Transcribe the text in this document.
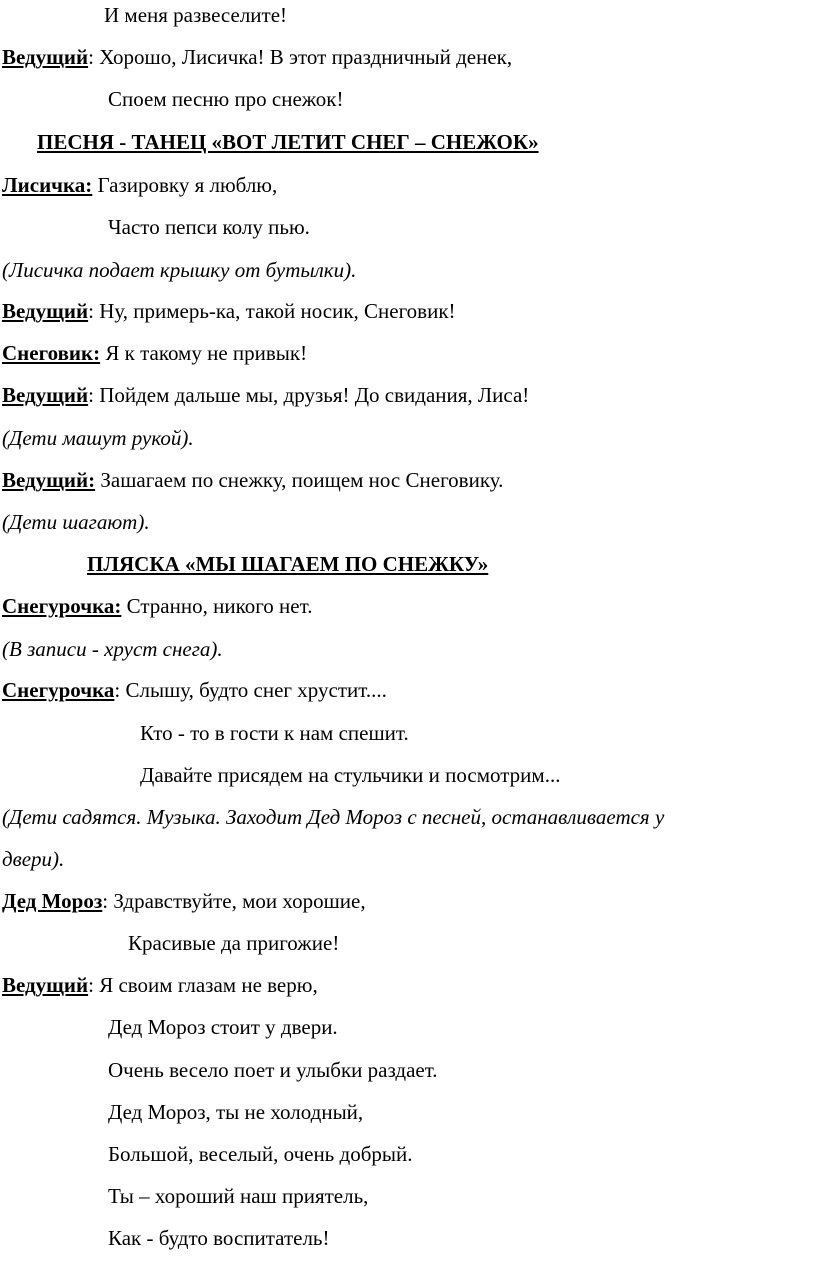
И меня развеселите!
Ведущий: Хорошо, Лисичка! В этот праздничный денек,
Споем песню про снежок!
ПЕСНЯ - ТАНЕЦ «ВОТ ЛЕТИТ СНЕГ – СНЕЖОК»
Лисичка: Газировку я люблю,
Часто пепси колу пью.
(Лисичка подает крышку от бутылки).
Ведущий: Ну, примерь-ка, такой носик, Снеговик!
Снеговик: Я к такому не привык!
Ведущий: Пойдем дальше мы, друзья! До свидания, Лиса!
(Дети машут рукой).
Ведущий: Зашагаем по снежку, поищем нос Снеговику.
(Дети шагают).
ПЛЯСКА «МЫ ШАГАЕМ ПО СНЕЖКУ»
Снегурочка: Странно, никого нет.
(В записи - хруст снега).
Снегурочка: Слышу, будто снег хрустит....
Кто - то в гости к нам спешит.
Давайте присядем на стульчики и посмотрим...
(Дети садятся. Музыка. Заходит Дед Мороз с песней, останавливается у
двери).
Дед Мороз: Здравствуйте, мои хорошие,
Красивые да пригожие!
Ведущий: Я своим глазам не верю,
Дед Мороз стоит у двери.
Очень весело поет и улыбки раздает.
Дед Мороз, ты не холодный,
Большой, веселый, очень добрый.
Ты – хороший наш приятель,
Как - будто воспитатель!
